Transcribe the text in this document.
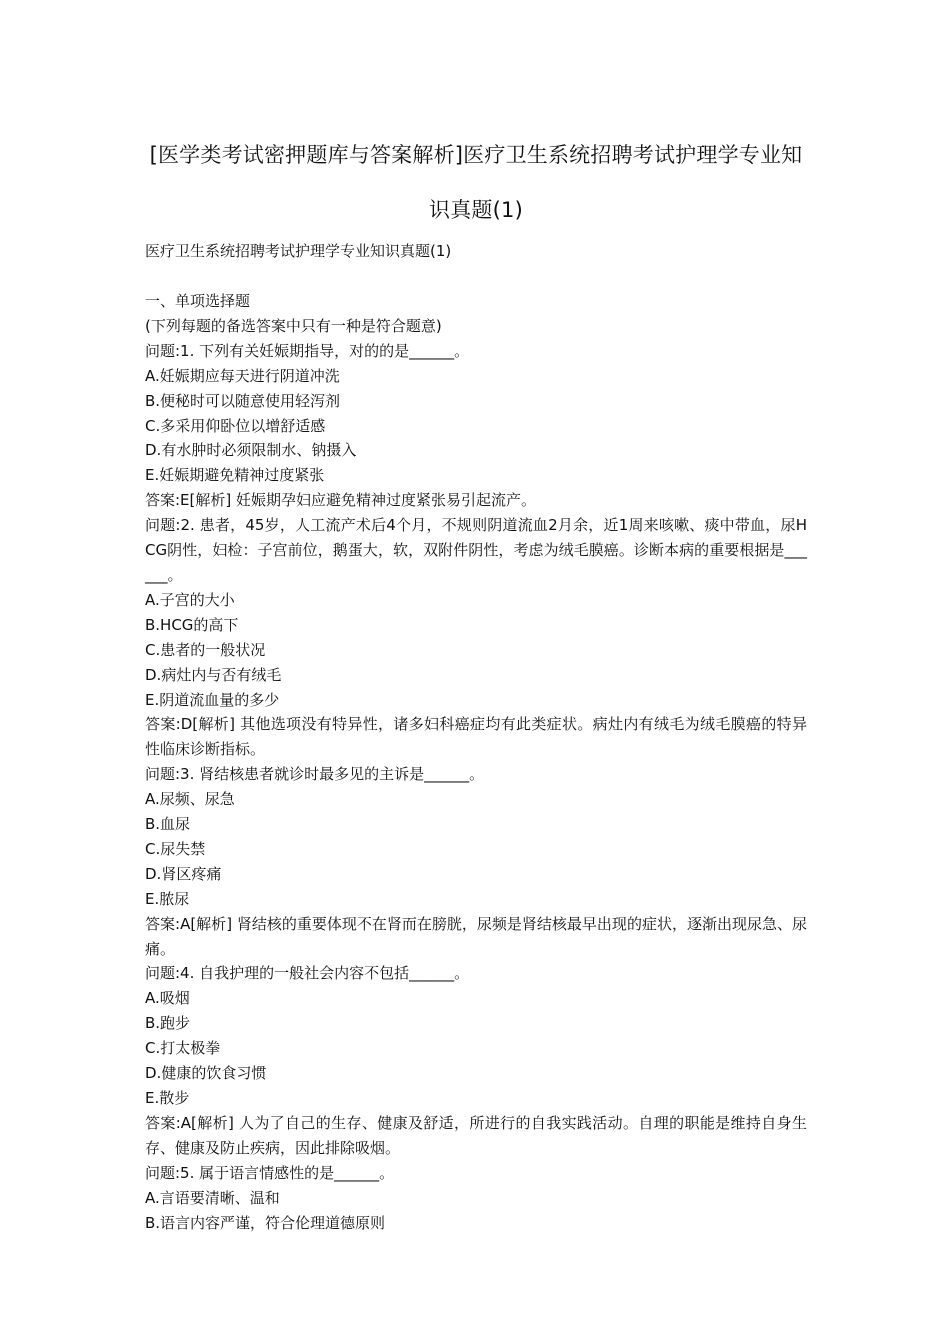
[医学类考试密押题库与答案解析]医疗卫生系统招聘考试护理学专业知识真题(1)
医疗卫生系统招聘考试护理学专业知识真题(1)
一、单项选择题
(下列每题的备选答案中只有一种是符合题意)
问题:1. 下列有关妊娠期指导，对的的是______。
A.妊娠期应每天进行阴道冲洗
B.便秘时可以随意使用轻泻剂
C.多采用仰卧位以增舒适感
D.有水肿时必须限制水、钠摄入
E.妊娠期避免精神过度紧张
答案:E[解析] 妊娠期孕妇应避免精神过度紧张易引起流产。
问题:2. 患者，45岁，人工流产术后4个月，不规则阴道流血2月余，近1周来咳嗽、痰中带血，尿HCG阴性，妇检：子宫前位，鹅蛋大，软，双附件阴性，考虑为绒毛膜癌。诊断本病的重要根据是______。
A.子宫的大小
B.HCG的高下
C.患者的一般状况
D.病灶内与否有绒毛
E.阴道流血量的多少
答案:D[解析] 其他选项没有特异性，诸多妇科癌症均有此类症状。病灶内有绒毛为绒毛膜癌的特异性临床诊断指标。
问题:3. 肾结核患者就诊时最多见的主诉是______。
A.尿频、尿急
B.血尿
C.尿失禁
D.肾区疼痛
E.脓尿
答案:A[解析] 肾结核的重要体现不在肾而在膀胱，尿频是肾结核最早出现的症状，逐渐出现尿急、尿痛。
问题:4. 自我护理的一般社会内容不包括______。
A.吸烟
B.跑步
C.打太极拳
D.健康的饮食习惯
E.散步
答案:A[解析] 人为了自己的生存、健康及舒适，所进行的自我实践活动。自理的职能是维持自身生存、健康及防止疾病，因此排除吸烟。
问题:5. 属于语言情感性的是______。
A.言语要清晰、温和
B.语言内容严谨，符合伦理道德原则
